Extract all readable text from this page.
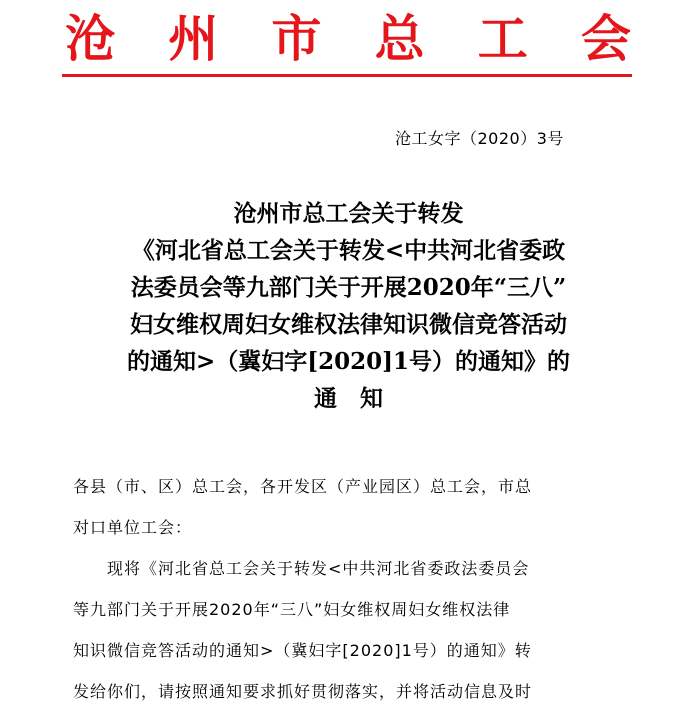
沧 州 市 总 工 会
沧工女字（2020）3号
沧州市总工会关于转发
《河北省总工会关于转发<中共河北省委政
法委员会等九部门关于开展2020年“三八”
妇女维权周妇女维权法律知识微信竞答活动
的通知>（冀妇字[2020]1号）的通知》的
通　知

各县（市、区）总工会，各开发区（产业园区）总工会，市总
对口单位工会：

现将《河北省总工会关于转发<中共河北省委政法委员会
等九部门关于开展2020年“三八”妇女维权周妇女维权法律
知识微信竞答活动的通知>（冀妇字[2020]1号）的通知》转
发给你们，请按照通知要求抓好贯彻落实，并将活动信息及时
